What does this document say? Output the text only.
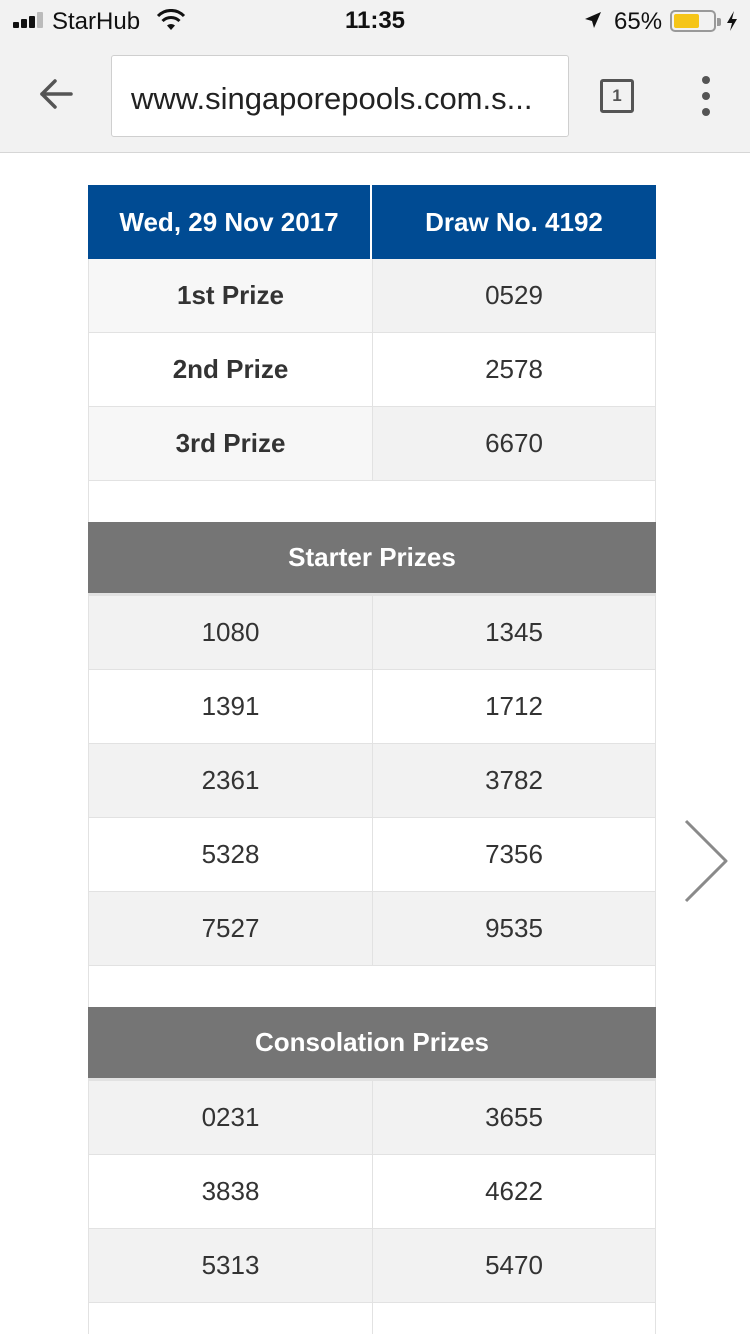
StarHub	11:35	65%
www.singaporepools.com.s...	1
Wed, 29 Nov 2017	Draw No. 4192
1st Prize	0529
2nd Prize	2578
3rd Prize	6670
Starter Prizes
1080	1345
1391	1712
2361	3782
5328	7356
7527	9535
Consolation Prizes
0231	3655
3838	4622
5313	5470
